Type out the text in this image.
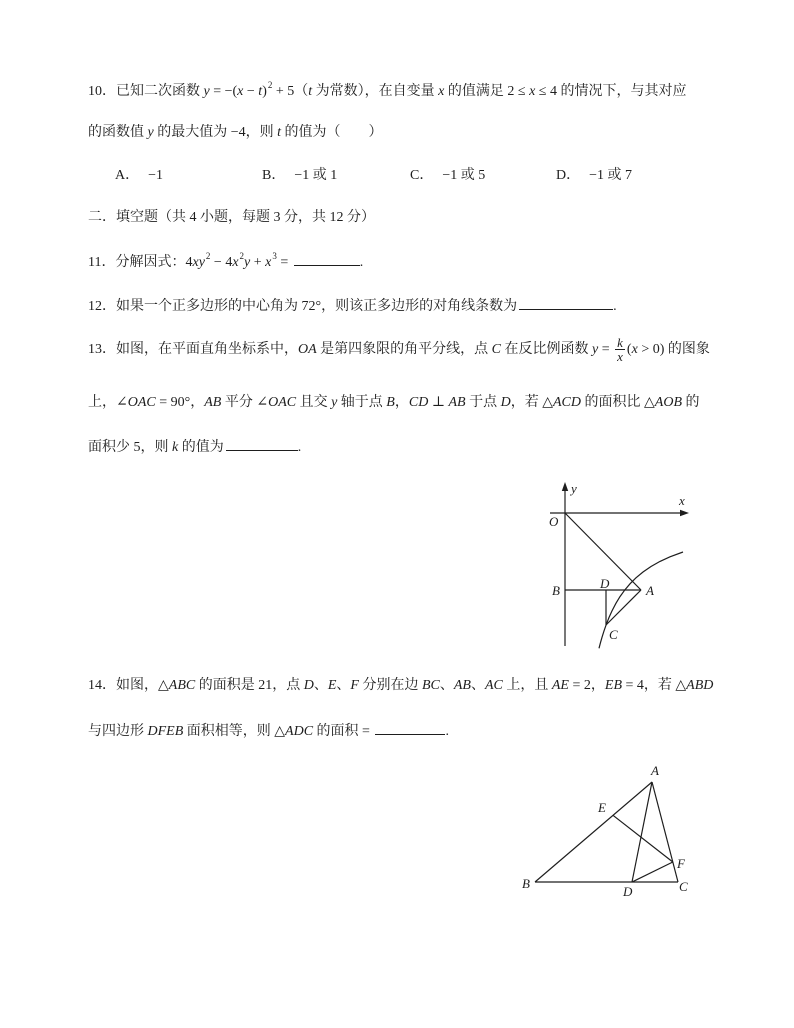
10．已知二次函数 $y = -(x - t)^2 + 5(t$ 为常数），在自变量 x 的值满足 2 ≤ x ≤ 4 的情况下，与其对应
的函数值 y 的最大值为 −4，则 t 的值为（　　）
A． −1	B． −1 或 1	C． −1 或 5	D． −1 或 7
二．填空题（共 4 小题，每题 3 分，共 12 分）
11．分解因式：$4xy^2 - 4x^2y + x^3$ =	.
12．如果一个正多边形的中心角为 72°，则该正多边形的对角线条数为	.
13．如图，在平面直角坐标系中，OA 是第四象限的角平分线，点 C 在反比例函数 $y = \frac{k}{x} (x > 0)$ 的图象
上，∠OAC = 90°，AB 平分 ∠OAC 且交 y 轴于点 B，CD ⊥ AB 于点 D，若 △ACD 的面积比 △AOB 的
面积少 5，则 k 的值为	.
y
x
O
B	D	A
C
14．如图，△ABC 的面积是 21，点 D、E、F 分别在边 BC、AB、AC 上，且 AE = 2，EB = 4，若 △ABD
与四边形 DFEB 面积相等，则 △ADC 的面积 =	.
A
E
F
B
D	C
